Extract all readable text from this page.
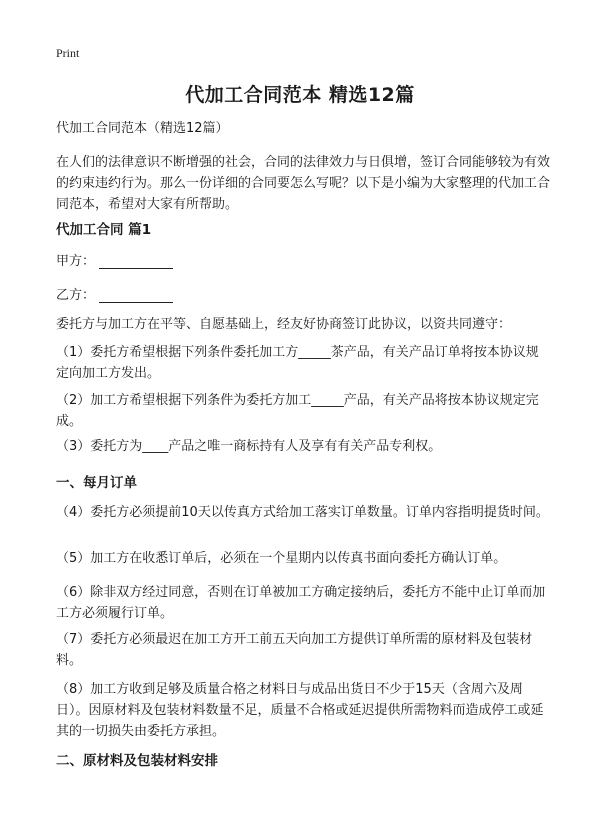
Print
代加工合同范本 精选12篇

代加工合同范本（精选12篇）

在人们的法律意识不断增强的社会，合同的法律效力与日俱增，签订合同能够较为有效的约束违约行为。那么一份详细的合同要怎么写呢？以下是小编为大家整理的代加工合同范本，希望对大家有所帮助。

代加工合同 篇1
甲方：
乙方：

委托方与加工方在平等、自愿基础上，经友好协商签订此协议，以资共同遵守：

（1）委托方希望根据下列条件委托加工方_____茶产品，有关产品订单将按本协议规定向加工方发出。

（2）加工方希望根据下列条件为委托方加工_____产品，有关产品将按本协议规定完成。

（3）委托方为____产品之唯一商标持有人及享有有关产品专利权。

一、每月订单

（4）委托方必须提前10天以传真方式给加工落实订单数量。订单内容指明提货时间。

（5）加工方在收悉订单后，必须在一个星期内以传真书面向委托方确认订单。

（6）除非双方经过同意，否则在订单被加工方确定接纳后，委托方不能中止订单而加工方必须履行订单。

（7）委托方必须最迟在加工方开工前五天向加工方提供订单所需的原材料及包装材料。

（8）加工方收到足够及质量合格之材料日与成品出货日不少于15天（含周六及周日）。因原材料及包装材料数量不足，质量不合格或延迟提供所需物料而造成停工或延其的一切损失由委托方承担。

二、原材料及包装材料安排
